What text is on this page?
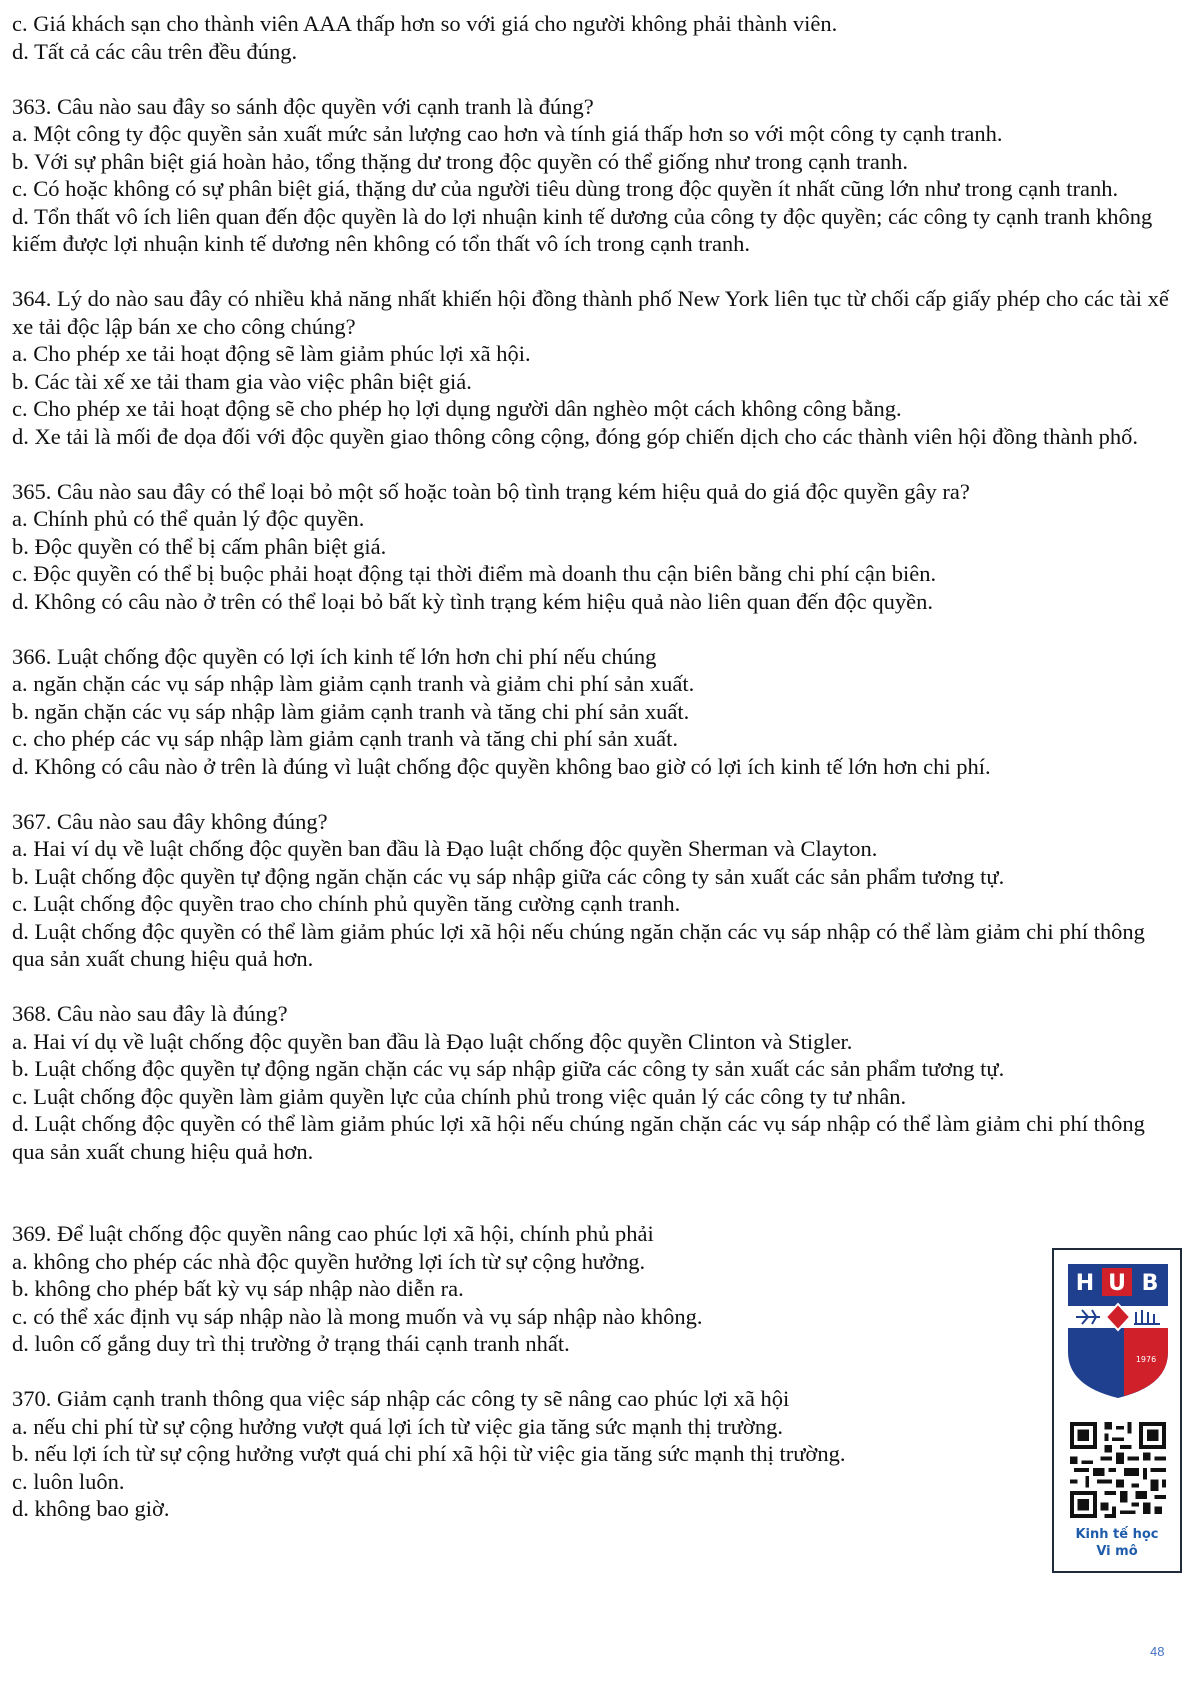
c. Giá khách sạn cho thành viên AAA thấp hơn so với giá cho người không phải thành viên.
d. Tất cả các câu trên đều đúng.
363. Câu nào sau đây so sánh độc quyền với cạnh tranh là đúng?
a. Một công ty độc quyền sản xuất mức sản lượng cao hơn và tính giá thấp hơn so với một công ty cạnh tranh.
b. Với sự phân biệt giá hoàn hảo, tổng thặng dư trong độc quyền có thể giống như trong cạnh tranh.
c. Có hoặc không có sự phân biệt giá, thặng dư của người tiêu dùng trong độc quyền ít nhất cũng lớn như trong cạnh tranh.
d. Tổn thất vô ích liên quan đến độc quyền là do lợi nhuận kinh tế dương của công ty độc quyền; các công ty cạnh tranh không kiếm được lợi nhuận kinh tế dương nên không có tổn thất vô ích trong cạnh tranh.
364. Lý do nào sau đây có nhiều khả năng nhất khiến hội đồng thành phố New York liên tục từ chối cấp giấy phép cho các tài xế xe tải độc lập bán xe cho công chúng?
a. Cho phép xe tải hoạt động sẽ làm giảm phúc lợi xã hội.
b. Các tài xế xe tải tham gia vào việc phân biệt giá.
c. Cho phép xe tải hoạt động sẽ cho phép họ lợi dụng người dân nghèo một cách không công bằng.
d. Xe tải là mối đe dọa đối với độc quyền giao thông công cộng, đóng góp chiến dịch cho các thành viên hội đồng thành phố.
365. Câu nào sau đây có thể loại bỏ một số hoặc toàn bộ tình trạng kém hiệu quả do giá độc quyền gây ra?
a. Chính phủ có thể quản lý độc quyền.
b. Độc quyền có thể bị cấm phân biệt giá.
c. Độc quyền có thể bị buộc phải hoạt động tại thời điểm mà doanh thu cận biên bằng chi phí cận biên.
d. Không có câu nào ở trên có thể loại bỏ bất kỳ tình trạng kém hiệu quả nào liên quan đến độc quyền.
366. Luật chống độc quyền có lợi ích kinh tế lớn hơn chi phí nếu chúng
a. ngăn chặn các vụ sáp nhập làm giảm cạnh tranh và giảm chi phí sản xuất.
b. ngăn chặn các vụ sáp nhập làm giảm cạnh tranh và tăng chi phí sản xuất.
c. cho phép các vụ sáp nhập làm giảm cạnh tranh và tăng chi phí sản xuất.
d. Không có câu nào ở trên là đúng vì luật chống độc quyền không bao giờ có lợi ích kinh tế lớn hơn chi phí.
367. Câu nào sau đây không đúng?
a. Hai ví dụ về luật chống độc quyền ban đầu là Đạo luật chống độc quyền Sherman và Clayton.
b. Luật chống độc quyền tự động ngăn chặn các vụ sáp nhập giữa các công ty sản xuất các sản phẩm tương tự.
c. Luật chống độc quyền trao cho chính phủ quyền tăng cường cạnh tranh.
d. Luật chống độc quyền có thể làm giảm phúc lợi xã hội nếu chúng ngăn chặn các vụ sáp nhập có thể làm giảm chi phí thông qua sản xuất chung hiệu quả hơn.
368. Câu nào sau đây là đúng?
a. Hai ví dụ về luật chống độc quyền ban đầu là Đạo luật chống độc quyền Clinton và Stigler.
b. Luật chống độc quyền tự động ngăn chặn các vụ sáp nhập giữa các công ty sản xuất các sản phẩm tương tự.
c. Luật chống độc quyền làm giảm quyền lực của chính phủ trong việc quản lý các công ty tư nhân.
d. Luật chống độc quyền có thể làm giảm phúc lợi xã hội nếu chúng ngăn chặn các vụ sáp nhập có thể làm giảm chi phí thông qua sản xuất chung hiệu quả hơn.
369. Để luật chống độc quyền nâng cao phúc lợi xã hội, chính phủ phải
a. không cho phép các nhà độc quyền hưởng lợi ích từ sự cộng hưởng.
b. không cho phép bất kỳ vụ sáp nhập nào diễn ra.
c. có thể xác định vụ sáp nhập nào là mong muốn và vụ sáp nhập nào không.
d. luôn cố gắng duy trì thị trường ở trạng thái cạnh tranh nhất.
370. Giảm cạnh tranh thông qua việc sáp nhập các công ty sẽ nâng cao phúc lợi xã hội
a. nếu chi phí từ sự cộng hưởng vượt quá lợi ích từ việc gia tăng sức mạnh thị trường.
b. nếu lợi ích từ sự cộng hưởng vượt quá chi phí xã hội từ việc gia tăng sức mạnh thị trường.
c. luôn luôn.
d. không bao giờ.
H U B
1976
Kinh tế học
Vi mô
48
